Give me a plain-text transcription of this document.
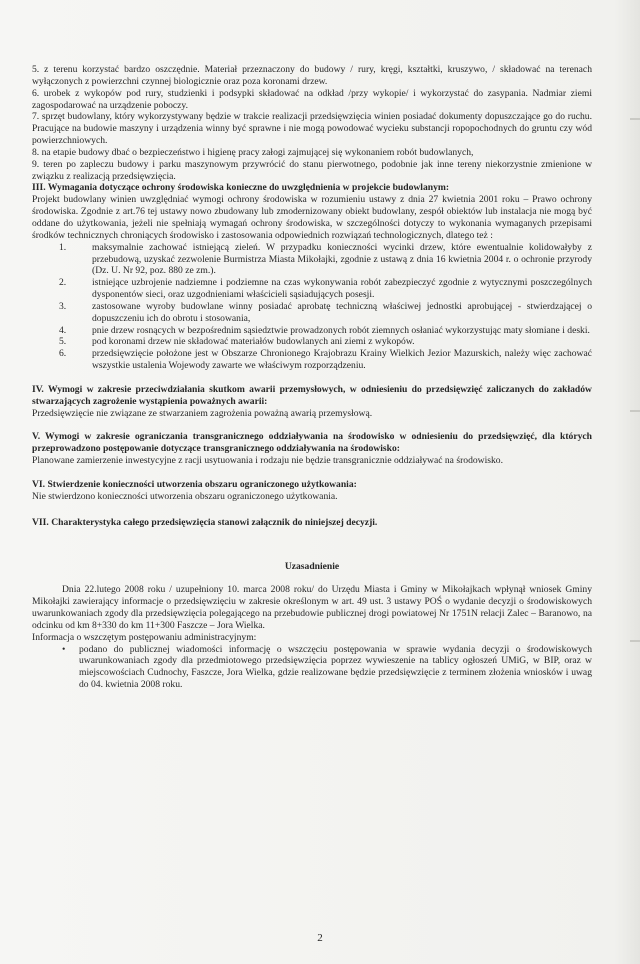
5. z terenu korzystać bardzo oszczędnie. Materiał przeznaczony do budowy / rury, kręgi, kształtki, kruszywo, / składować na terenach wyłączonych z powierzchni czynnej biologicznie oraz poza koronami drzew.

6. urobek z wykopów pod rury, studzienki i podsypki składować na odkład /przy wykopie/ i wykorzystać do zasypania. Nadmiar ziemi zagospodarować na urządzenie poboczy.

7. sprzęt budowlany, który wykorzystywany będzie w trakcie realizacji przedsięwzięcia winien posiadać dokumenty dopuszczające go do ruchu. Pracujące na budowie maszyny i urządzenia winny być sprawne i nie mogą powodować wycieku substancji ropopochodnych do gruntu czy wód powierzchniowych.

8. na etapie budowy dbać o bezpieczeństwo i higienę pracy załogi zajmującej się wykonaniem robót budowlanych,

9. teren po zapleczu budowy i parku maszynowym przywrócić do stanu pierwotnego, podobnie jak inne tereny niekorzystnie zmienione w związku z realizacją przedsięwzięcia.

III. Wymagania dotyczące ochrony środowiska konieczne do uwzględnienia w projekcie budowlanym:

Projekt budowlany winien uwzględniać wymogi ochrony środowiska w rozumieniu ustawy z dnia 27 kwietnia 2001 roku – Prawo ochrony środowiska. Zgodnie z art.76 tej ustawy nowo zbudowany lub zmodernizowany obiekt budowlany, zespół obiektów lub instalacja nie mogą być oddane do użytkowania, jeżeli nie spełniają wymagań ochrony środowiska, w szczególności dotyczy to wykonania wymaganych przepisami środków technicznych chroniących środowisko i zastosowania odpowiednich rozwiązań technologicznych, dlatego też :

1.	maksymalnie zachować istniejącą zieleń. W przypadku konieczności wycinki drzew, które ewentualnie kolidowałyby z przebudową, uzyskać zezwolenie Burmistrza Miasta Mikołajki, zgodnie z ustawą z dnia 16 kwietnia 2004 r. o ochronie przyrody (Dz. U. Nr 92, poz. 880 ze zm.).
2.	istniejące uzbrojenie nadziemne i podziemne na czas wykonywania robót zabezpieczyć zgodnie z wytycznymi poszczególnych dysponentów sieci, oraz uzgodnieniami właścicieli sąsiadujących posesji.
3.	zastosowane wyroby budowlane winny posiadać aprobatę techniczną właściwej jednostki aprobującej - stwierdzającej o dopuszczeniu ich do obrotu i stosowania,
4.	pnie drzew rosnących w bezpośrednim sąsiedztwie prowadzonych robót ziemnych osłaniać wykorzystując maty słomiane i deski.
5.	pod koronami drzew nie składować materiałów budowlanych ani ziemi z wykopów.
6.	przedsięwzięcie położone jest w Obszarze Chronionego Krajobrazu Krainy Wielkich Jezior Mazurskich, należy więc zachować wszystkie ustalenia Wojewody zawarte we właściwym rozporządzeniu.

IV. Wymogi w zakresie przeciwdziałania skutkom awarii przemysłowych, w odniesieniu do przedsięwzięć zaliczanych do zakładów stwarzających zagrożenie wystąpienia poważnych awarii:

Przedsięwzięcie nie związane ze stwarzaniem zagrożenia poważną awarią przemysłową.

V. Wymogi w zakresie ograniczania transgranicznego oddziaływania na środowisko w odniesieniu do przedsięwzięć, dla których przeprowadzono postępowanie dotyczące transgranicznego oddziaływania na środowisko:

Planowane zamierzenie inwestycyjne z racji usytuowania i rodzaju nie będzie transgranicznie oddziaływać na środowisko.

VI. Stwierdzenie konieczności utworzenia obszaru ograniczonego użytkowania:

Nie stwierdzono konieczności utworzenia obszaru ograniczonego użytkowania.

VII. Charakterystyka całego przedsięwzięcia stanowi załącznik do niniejszej decyzji.

Uzasadnienie

Dnia 22.lutego 2008 roku / uzupełniony 10. marca 2008 roku/ do Urzędu Miasta i Gminy w Mikołajkach wpłynął wniosek Gminy Mikołajki zawierający informacje o przedsięwzięciu w zakresie określonym w art. 49 ust. 3 ustawy POŚ o wydanie decyzji o środowiskowych uwarunkowaniach zgody dla przedsięwzięcia polegającego na przebudowie publicznej drogi powiatowej Nr 1751N relacji Zalec – Baranowo, na odcinku od km 8+330 do km 11+300 Faszcze – Jora Wielka.

Informacja o wszczętym postępowaniu administracyjnym:

• podano do publicznej wiadomości informację o wszczęciu postępowania w sprawie wydania decyzji o środowiskowych uwarunkowaniach zgody dla przedmiotowego przedsięwzięcia poprzez wywieszenie na tablicy ogłoszeń UMiG, w BIP, oraz w miejscowościach Cudnochy, Faszcze, Jora Wielka, gdzie realizowane będzie przedsięwzięcie z terminem złożenia wniosków i uwag do 04. kwietnia 2008 roku.
2
